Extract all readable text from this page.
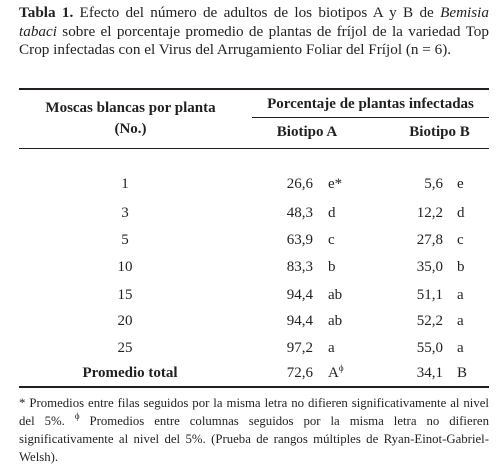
Tabla 1. Efecto del número de adultos de los biotipos A y B de Bemisia tabaci sobre el porcentaje promedio de plantas de fríjol de la variedad Top Crop infectadas con el Virus del Arrugamiento Foliar del Fríjol (n = 6).
Moscas blancas por planta
(No.)
Porcentaje de plantas infectadas
Biotipo A	Biotipo B
1	26,6 e*	5,6 e
3	48,3 d	12,2 d
5	63,9 c	27,8 c
10	83,3 b	35,0 b
15	94,4 ab	51,1 a
20	94,4 ab	52,2 a
25	97,2 a	55,0 a
Promedio total	72,6 $A^\phi$	34,1 B
* Promedios entre filas seguidos por la misma letra no difieren significativamente al nivel del 5%. $^\phi$ Promedios entre columnas seguidos por la misma letra no difieren significativamente al nivel del 5%. (Prueba de rangos múltiples de Ryan-Einot-Gabriel-Welsh).
